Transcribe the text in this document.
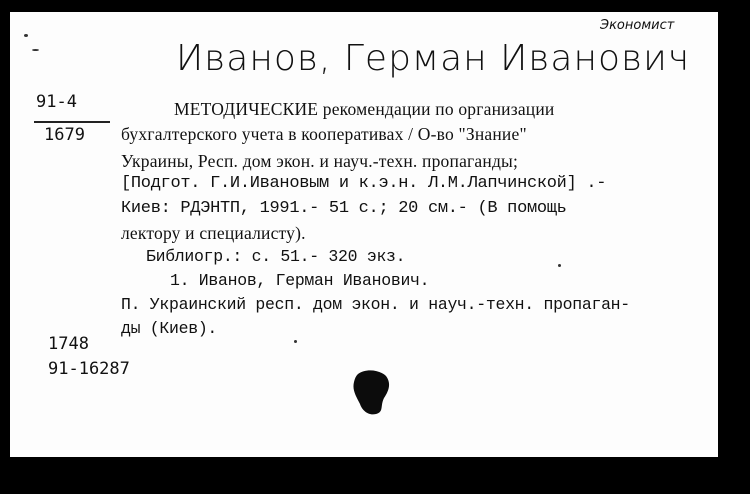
Экономист
Иванов, Герман Иванович
91-4
1679
МЕТОДИЧЕСКИЕ рекомендации по организации
бухгалтерского учета в кооперативах / О-во "Знание"
Украины, Респ. дом экон. и науч.-техн. пропаганды;
[Подгот. Г.И.Ивановым и к.э.н. Л.М.Лапчинской] .-
Киев: РДЭНТП, 1991.- 51 с.; 20 см.- (В помощь
лектору и специалисту).
Библиогр.: с. 51.- 320 экз.
1. Иванов, Герман Иванович.
П. Украинский респ. дом экон. и науч.-техн. пропаган-
ды (Киев).
1748
91-16287
